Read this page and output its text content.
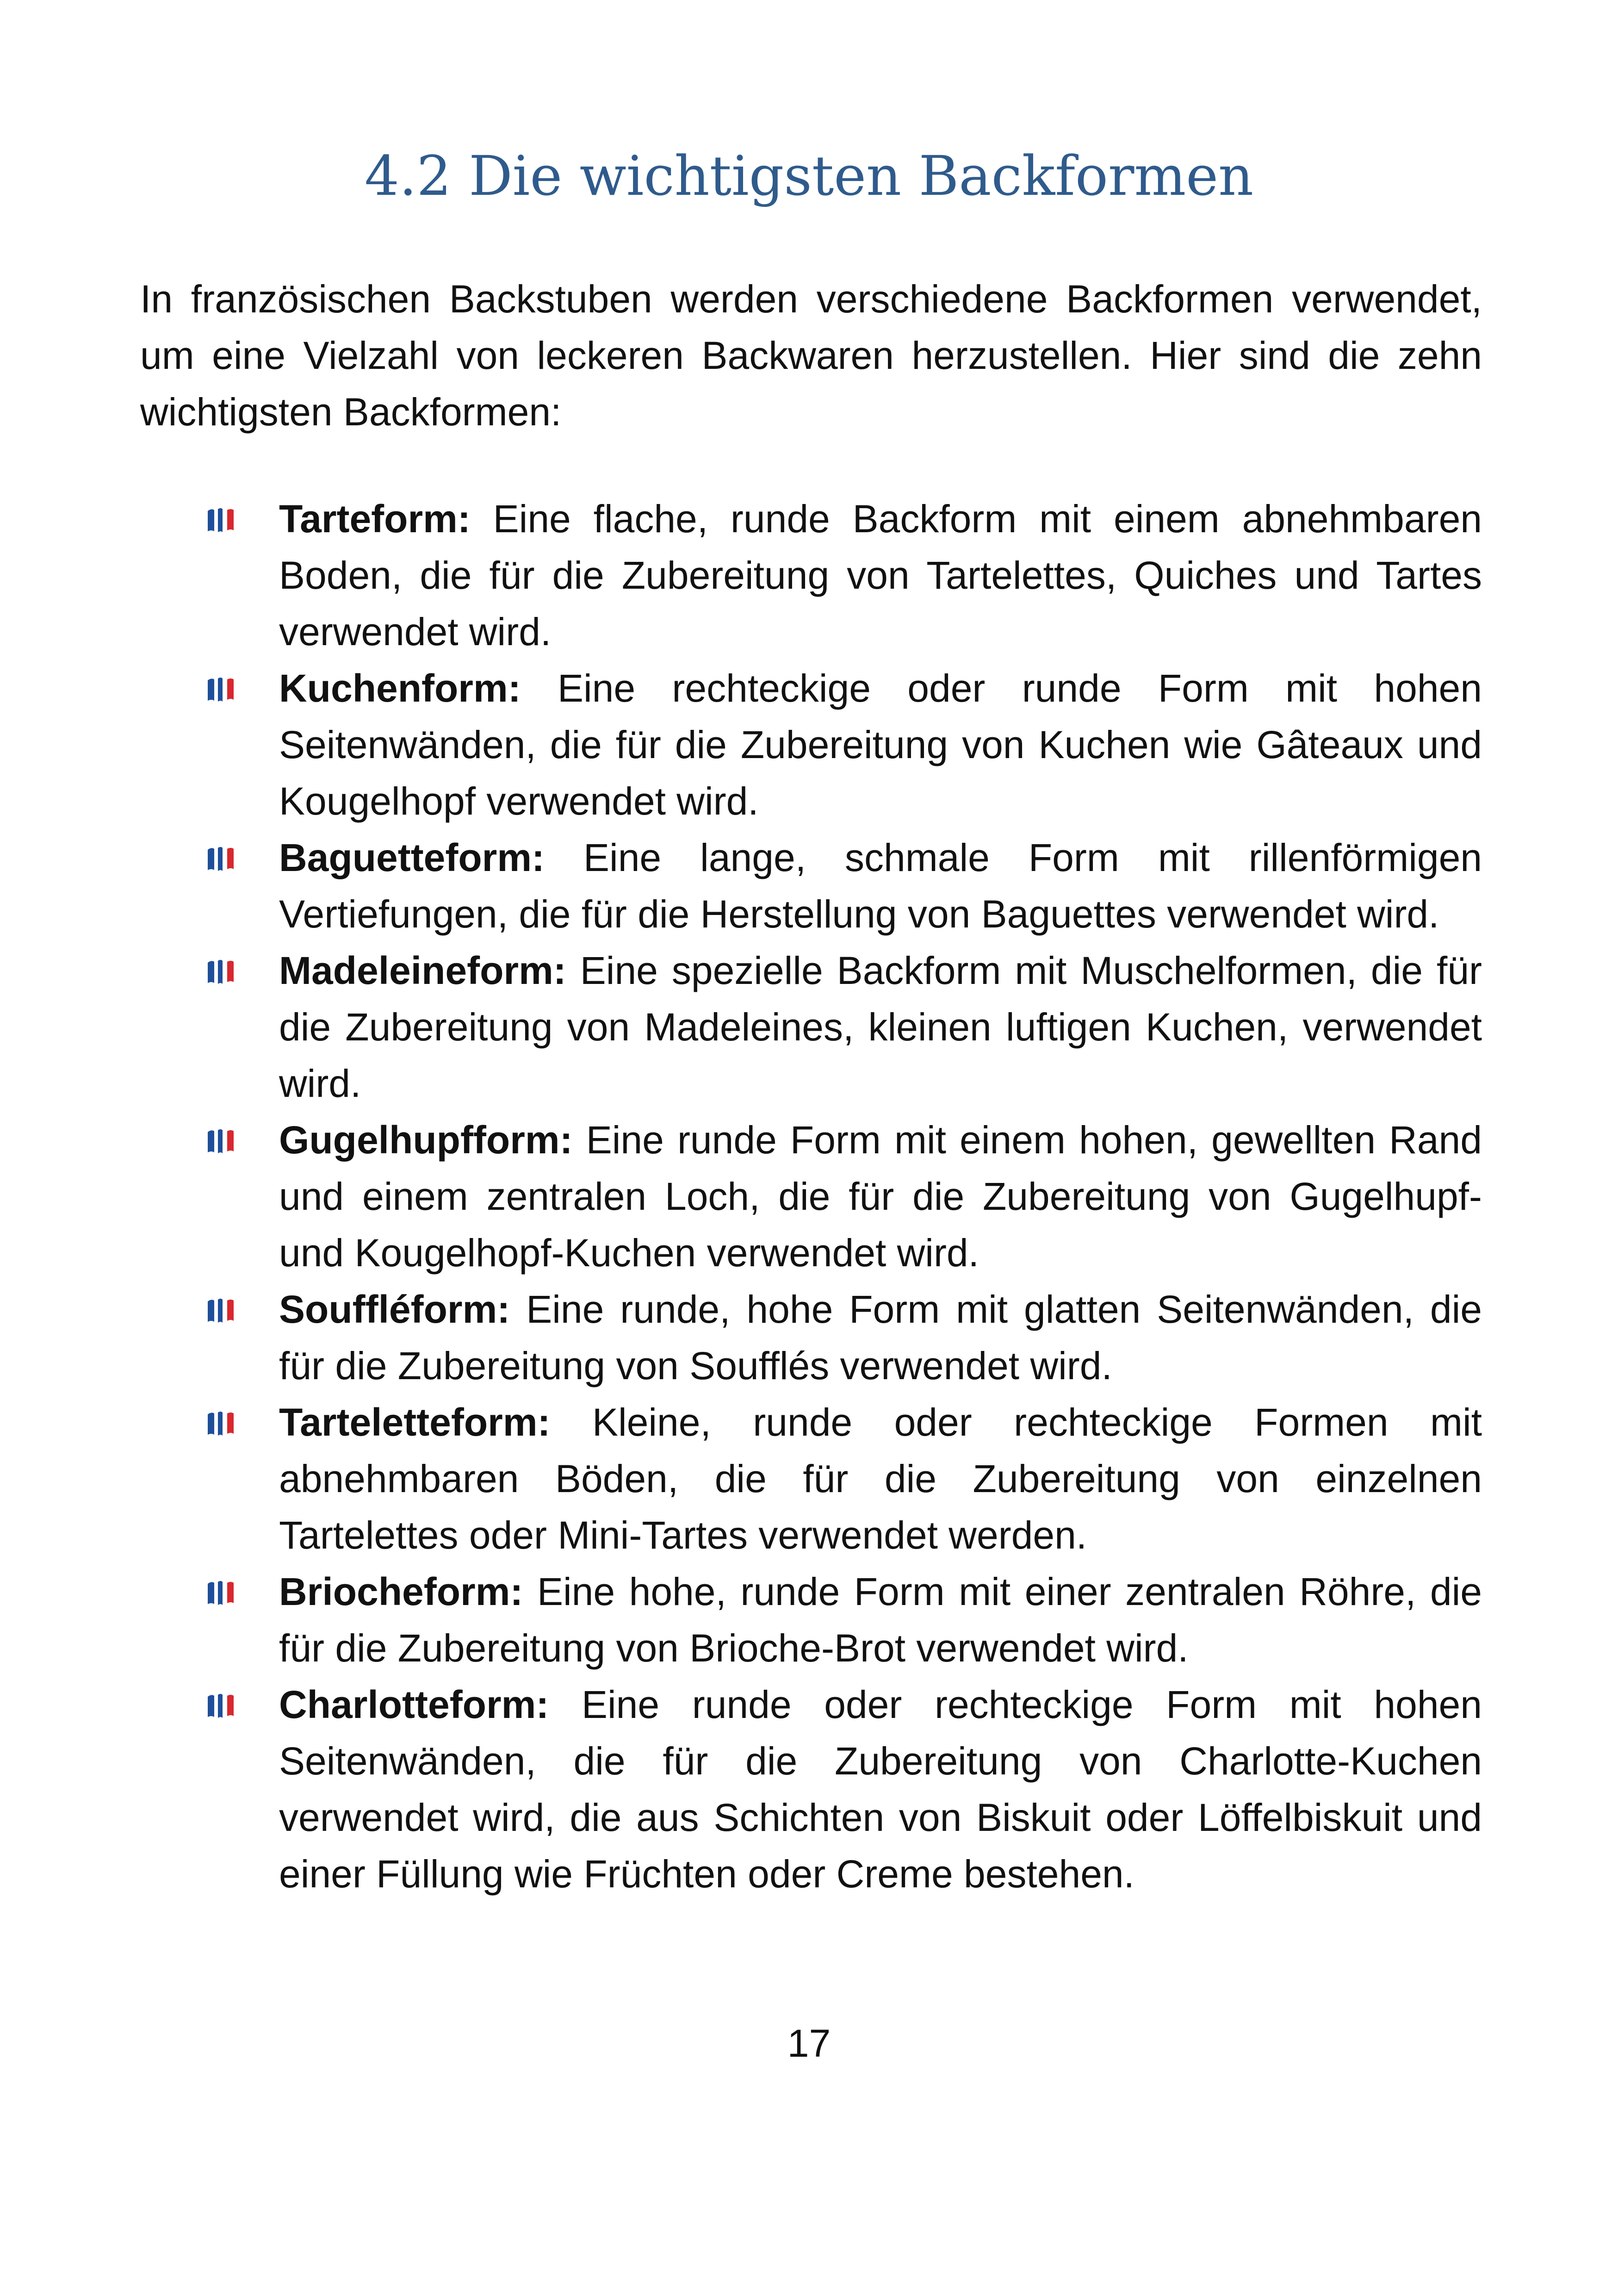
4.2 Die wichtigsten Backformen

In französischen Backstuben werden verschiedene Backformen verwendet, um eine Vielzahl von leckeren Backwaren herzustellen. Hier sind die zehn wichtigsten Backformen:

Tarteform: Eine flache, runde Backform mit einem abnehmbaren Boden, die für die Zubereitung von Tartelettes, Quiches und Tartes verwendet wird.
Kuchenform: Eine rechteckige oder runde Form mit hohen Seitenwänden, die für die Zubereitung von Kuchen wie Gâteaux und Kougelhopf verwendet wird.
Baguetteform: Eine lange, schmale Form mit rillenförmigen Vertiefungen, die für die Herstellung von Baguettes verwendet wird.
Madeleineform: Eine spezielle Backform mit Muschelformen, die für die Zubereitung von Madeleines, kleinen luftigen Kuchen, verwendet wird.
Gugelhupfform: Eine runde Form mit einem hohen, gewellten Rand und einem zentralen Loch, die für die Zubereitung von Gugelhupf- und Kougelhopf-Kuchen verwendet wird.
Souffléform: Eine runde, hohe Form mit glatten Seitenwänden, die für die Zubereitung von Soufflés verwendet wird.
Tarteletteform: Kleine, runde oder rechteckige Formen mit abnehmbaren Böden, die für die Zubereitung von einzelnen Tartelettes oder Mini-Tartes verwendet werden.
Briocheform: Eine hohe, runde Form mit einer zentralen Röhre, die für die Zubereitung von Brioche-Brot verwendet wird.
Charlotteform: Eine runde oder rechteckige Form mit hohen Seitenwänden, die für die Zubereitung von Charlotte-Kuchen verwendet wird, die aus Schichten von Biskuit oder Löffelbiskuit und einer Füllung wie Früchten oder Creme bestehen.
17
